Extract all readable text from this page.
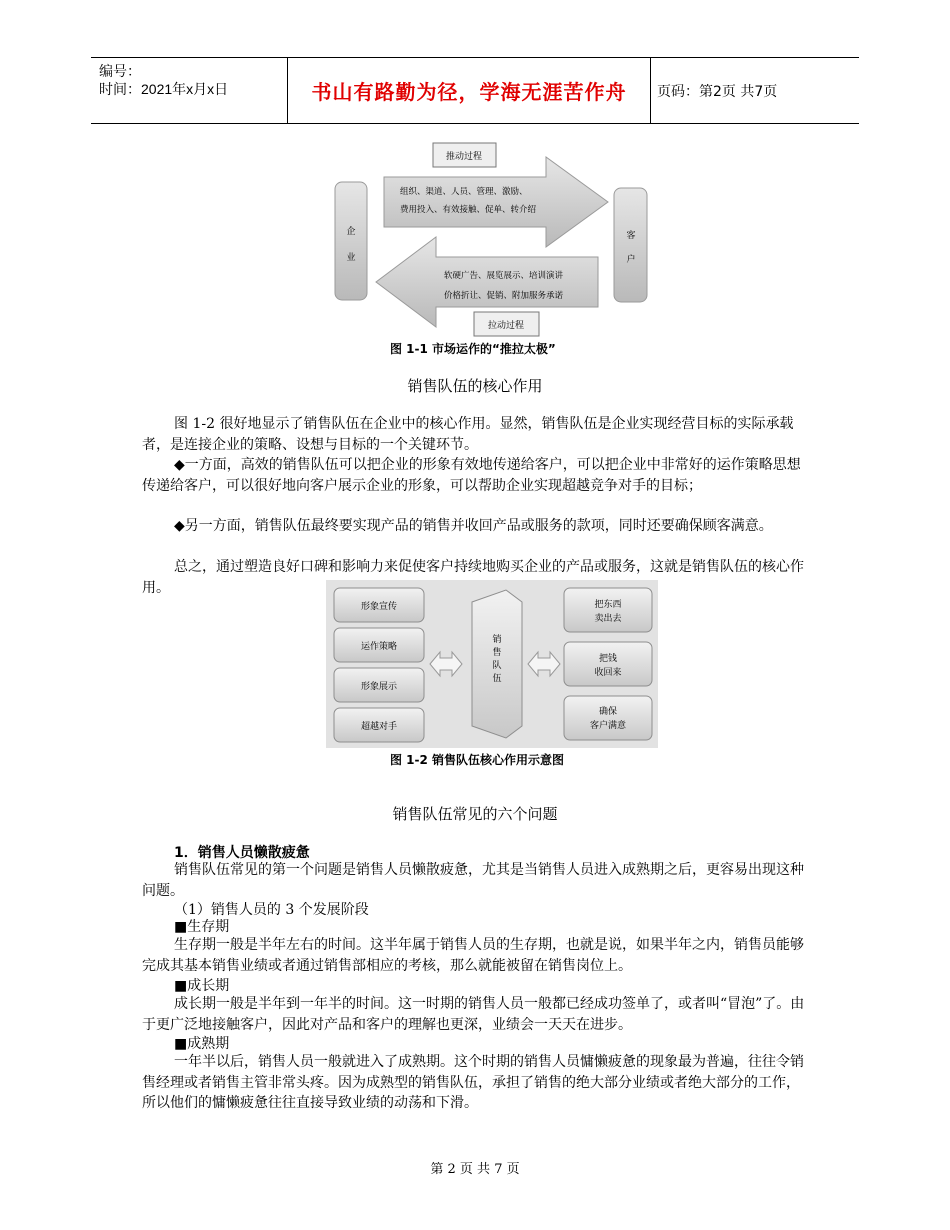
编号：
时间：2021年x月x日	书山有路勤为径，学海无涯苦作舟 页码：第2页 共7页
企
业
客
户
组织、渠道、人员、管理、激励、
费用投入、有效接触、促单、转介绍
软硬广告、展览展示、培训演讲
价格折让、促销、附加服务承诺
推动过程
拉动过程
图 1-1 市场运作的“推拉太极”
销售队伍的核心作用

图 1-2 很好地显示了销售队伍在企业中的核心作用。显然，销售队伍是企业实现经营目标的实际承载者，是连接企业的策略、设想与目标的一个关键环节。

◆一方面，高效的销售队伍可以把企业的形象有效地传递给客户，可以把企业中非常好的运作策略思想传递给客户，可以很好地向客户展示企业的形象，可以帮助企业实现超越竞争对手的目标；

◆另一方面，销售队伍最终要实现产品的销售并收回产品或服务的款项，同时还要确保顾客满意。

总之，通过塑造良好口碑和影响力来促使客户持续地购买企业的产品或服务，这就是销售队伍的核心作用。

形象宣传
运作策略
形象展示
超越对手
销
售
队
伍
把东西
卖出去
把钱
收回来
确保
客户满意
图 1-2 销售队伍核心作用示意图
销售队伍常见的六个问题

1．销售人员懒散疲惫

销售队伍常见的第一个问题是销售人员懒散疲惫，尤其是当销售人员进入成熟期之后，更容易出现这种问题。

（1）销售人员的 3 个发展阶段

■生存期

生存期一般是半年左右的时间。这半年属于销售人员的生存期，也就是说，如果半年之内，销售员能够完成其基本销售业绩或者通过销售部相应的考核，那么就能被留在销售岗位上。

■成长期

成长期一般是半年到一年半的时间。这一时期的销售人员一般都已经成功签单了，或者叫“冒泡”了。由于更广泛地接触客户，因此对产品和客户的理解也更深，业绩会一天天在进步。

■成熟期

一年半以后，销售人员一般就进入了成熟期。这个时期的销售人员慵懒疲惫的现象最为普遍，往往令销售经理或者销售主管非常头疼。因为成熟型的销售队伍，承担了销售的绝大部分业绩或者绝大部分的工作，所以他们的慵懒疲惫往往直接导致业绩的动荡和下滑。

第 2 页 共 7 页
